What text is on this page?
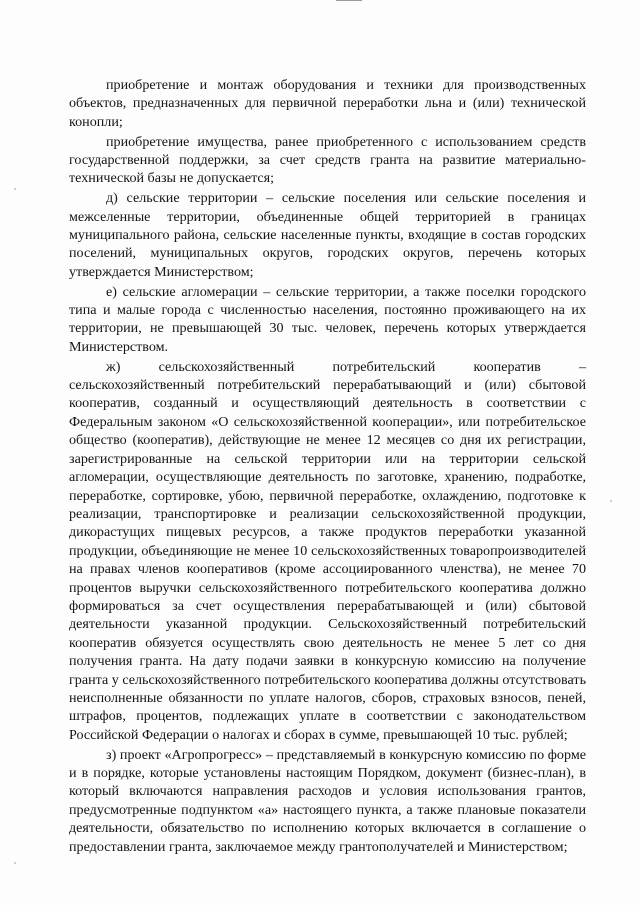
приобретение и монтаж оборудования и техники для производственных объектов, предназначенных для первичной переработки льна и (или) технической конопли;

приобретение имущества, ранее приобретенного с использованием средств государственной поддержки, за счет средств гранта на развитие материально-технической базы не допускается;

д) сельские территории – сельские поселения или сельские поселения и межселенные территории, объединенные общей территорией в границах муниципального района, сельские населенные пункты, входящие в состав городских поселений, муниципальных округов, городских округов, перечень которых утверждается Министерством;

е) сельские агломерации – сельские территории, а также поселки городского типа и малые города с численностью населения, постоянно проживающего на их территории, не превышающей 30 тыс. человек, перечень которых утверждается Министерством.

ж) сельскохозяйственный потребительский кооператив – сельскохозяйственный потребительский перерабатывающий и (или) сбытовой кооператив, созданный и осуществляющий деятельность в соответствии с Федеральным законом «О сельскохозяйственной кооперации», или потребительское общество (кооператив), действующие не менее 12 месяцев со дня их регистрации, зарегистрированные на сельской территории или на территории сельской агломерации, осуществляющие деятельность по заготовке, хранению, подработке, переработке, сортировке, убою, первичной переработке, охлаждению, подготовке к реализации, транспортировке и реализации сельскохозяйственной продукции, дикорастущих пищевых ресурсов, а также продуктов переработки указанной продукции, объединяющие не менее 10 сельскохозяйственных товаропроизводителей на правах членов кооперативов (кроме ассоциированного членства), не менее 70 процентов выручки сельскохозяйственного потребительского кооператива должно формироваться за счет осуществления перерабатывающей и (или) сбытовой деятельности указанной продукции. Сельскохозяйственный потребительский кооператив обязуется осуществлять свою деятельность не менее 5 лет со дня получения гранта. На дату подачи заявки в конкурсную комиссию на получение гранта у сельскохозяйственного потребительского кооператива должны отсутствовать неисполненные обязанности по уплате налогов, сборов, страховых взносов, пеней, штрафов, процентов, подлежащих уплате в соответствии с законодательством Российской Федерации о налогах и сборах в сумме, превышающей 10 тыс. рублей;

з) проект «Агропрогресс» – представляемый в конкурсную комиссию по форме и в порядке, которые установлены настоящим Порядком, документ (бизнес-план), в который включаются направления расходов и условия использования грантов, предусмотренные подпунктом «а» настоящего пункта, а также плановые показатели деятельности, обязательство по исполнению которых включается в соглашение о предоставлении гранта, заключаемое между грантополучателей и Министерством;
